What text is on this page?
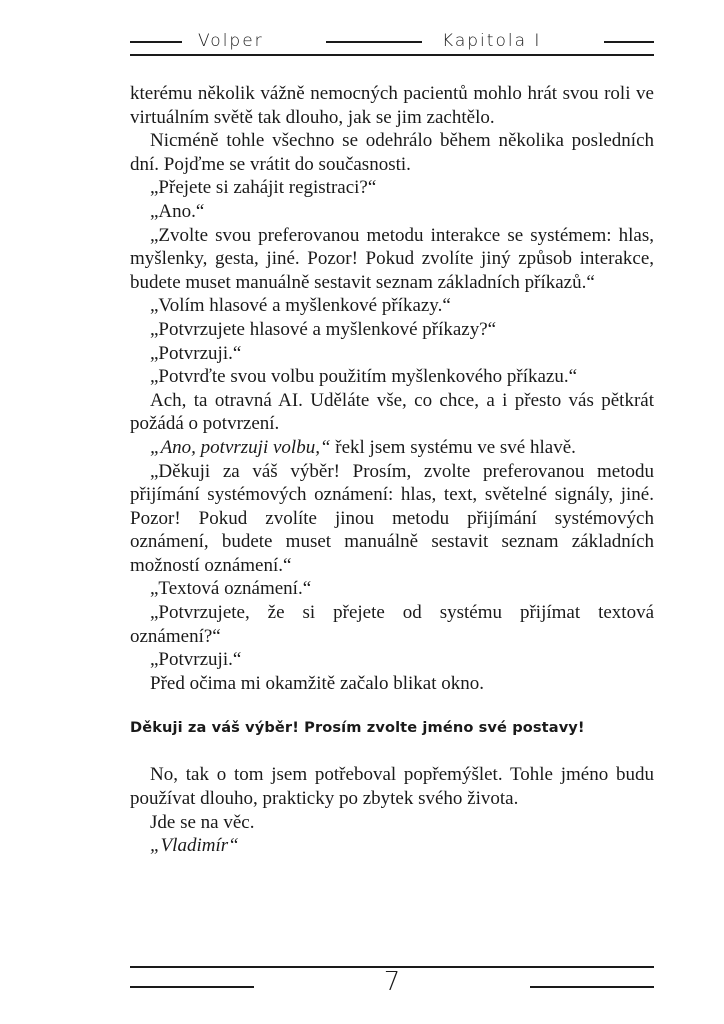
Volper	Kapitola I

kterému několik vážně nemocných pacientů mohlo hrát svou roli ve virtuálním světě tak dlouho, jak se jim zachtělo.

Nicméně tohle všechno se odehrálo během několika posledních dní. Pojďme se vrátit do současnosti.

„Přejete si zahájit registraci?“

„Ano.“

„Zvolte svou preferovanou metodu interakce se systémem: hlas, myšlenky, gesta, jiné. Pozor! Pokud zvolíte jiný způsob interakce, budete muset manuálně sestavit seznam základních příkazů.“

„Volím hlasové a myšlenkové příkazy.“

„Potvrzujete hlasové a myšlenkové příkazy?“

„Potvrzuji.“

„Potvrďte svou volbu použitím myšlenkového příkazu.“

Ach, ta otravná AI. Uděláte vše, co chce, a i přesto vás pětkrát požádá o potvrzení.

„Ano, potvrzuji volbu,“ řekl jsem systému ve své hlavě.

„Děkuji za váš výběr! Prosím, zvolte preferovanou metodu přijímání systémových oznámení: hlas, text, světelné signály, jiné. Pozor! Pokud zvolíte jinou metodu přijímání systémových oznámení, budete muset manuálně sestavit seznam základních možností oznámení.“

„Textová oznámení.“

„Potvrzujete, že si přejete od systému přijímat textová oznámení?“

„Potvrzuji.“

Před očima mi okamžitě začalo blikat okno.

Děkuji za váš výběr! Prosím zvolte jméno své postavy!

No, tak o tom jsem potřeboval popřemýšlet. Tohle jméno budu používat dlouho, prakticky po zbytek svého života.

Jde se na věc.

„Vladimír“

7
